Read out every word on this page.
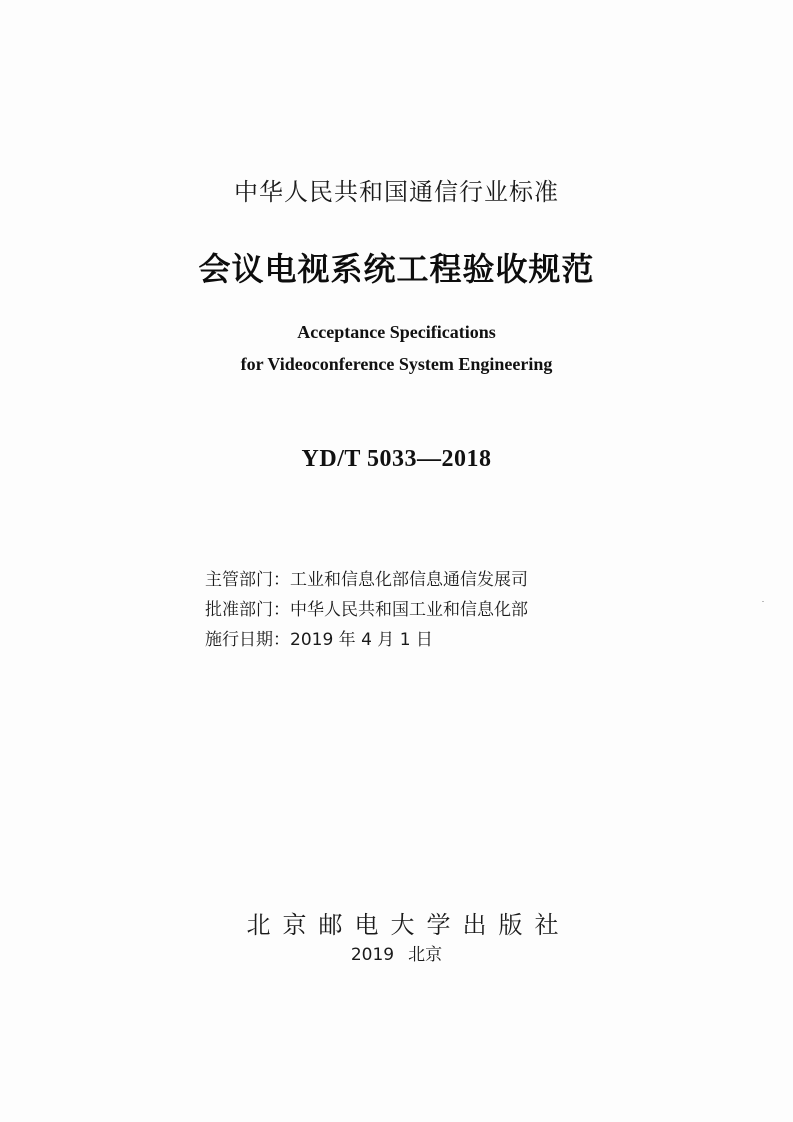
中华人民共和国通信行业标准
会议电视系统工程验收规范
Acceptance Specifications
for Videoconference System Engineering
YD/T 5033—2018
主管部门：工业和信息化部信息通信发展司
批准部门：中华人民共和国工业和信息化部
施行日期：2019 年 4 月 1 日
北京邮电大学出版社
2019 北京
